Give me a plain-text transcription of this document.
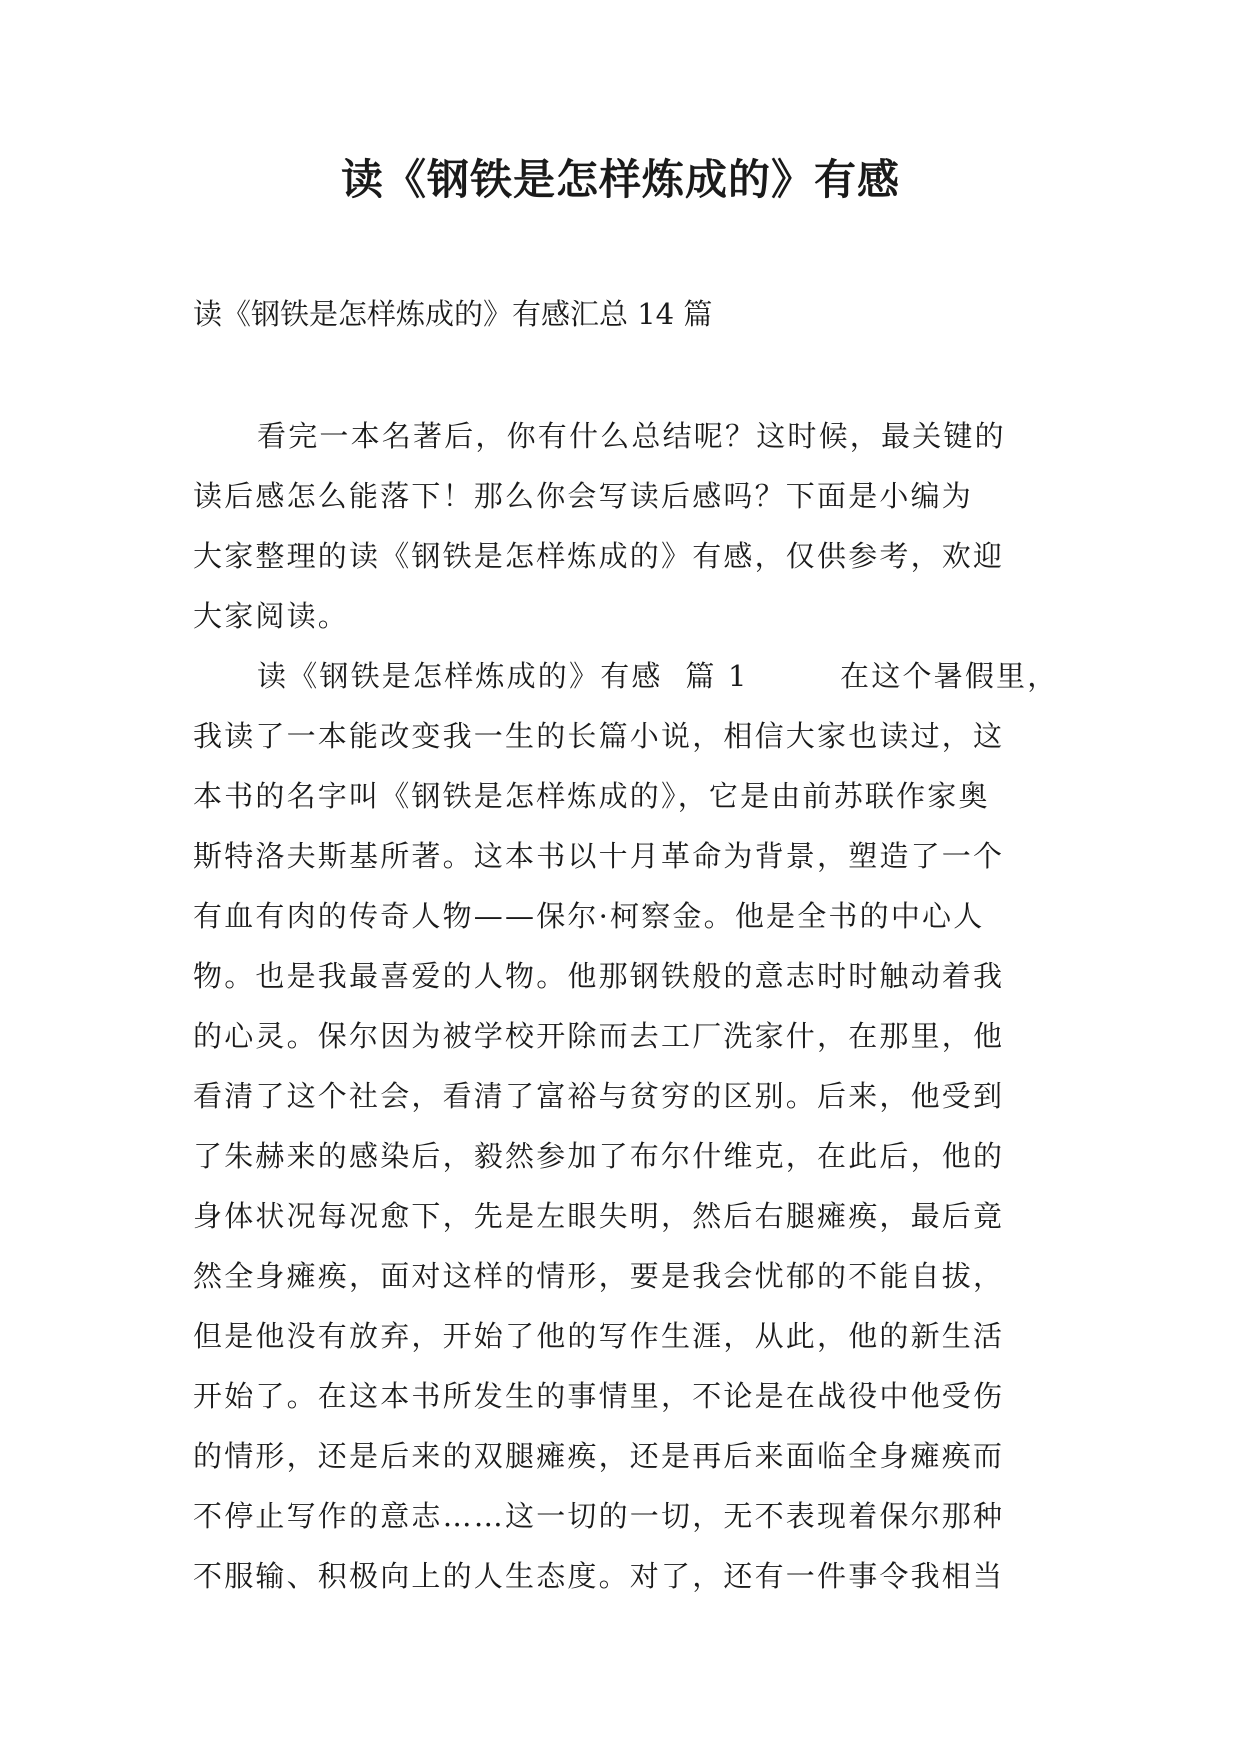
读《钢铁是怎样炼成的》有感

读《钢铁是怎样炼成的》有感汇总 14 篇

看完一本名著后，你有什么总结呢？这时候，最关键的
读后感怎么能落下！那么你会写读后感吗？下面是小编为
大家整理的读《钢铁是怎样炼成的》有感，仅供参考，欢迎
大家阅读。
读《钢铁是怎样炼成的》有感  篇 1        在这个暑假里，
我读了一本能改变我一生的长篇小说，相信大家也读过，这
本书的名字叫《钢铁是怎样炼成的》，它是由前苏联作家奥
斯特洛夫斯基所著。这本书以十月革命为背景，塑造了一个
有血有肉的传奇人物——保尔·柯察金。他是全书的中心人
物。也是我最喜爱的人物。他那钢铁般的意志时时触动着我
的心灵。保尔因为被学校开除而去工厂洗家什，在那里，他
看清了这个社会，看清了富裕与贫穷的区别。后来，他受到
了朱赫来的感染后，毅然参加了布尔什维克，在此后，他的
身体状况每况愈下，先是左眼失明，然后右腿瘫痪，最后竟
然全身瘫痪，面对这样的情形，要是我会忧郁的不能自拔，
但是他没有放弃，开始了他的写作生涯，从此，他的新生活
开始了。在这本书所发生的事情里，不论是在战役中他受伤
的情形，还是后来的双腿瘫痪，还是再后来面临全身瘫痪而
不停止写作的意志……这一切的一切，无不表现着保尔那种
不服输、积极向上的人生态度。对了，还有一件事令我相当
